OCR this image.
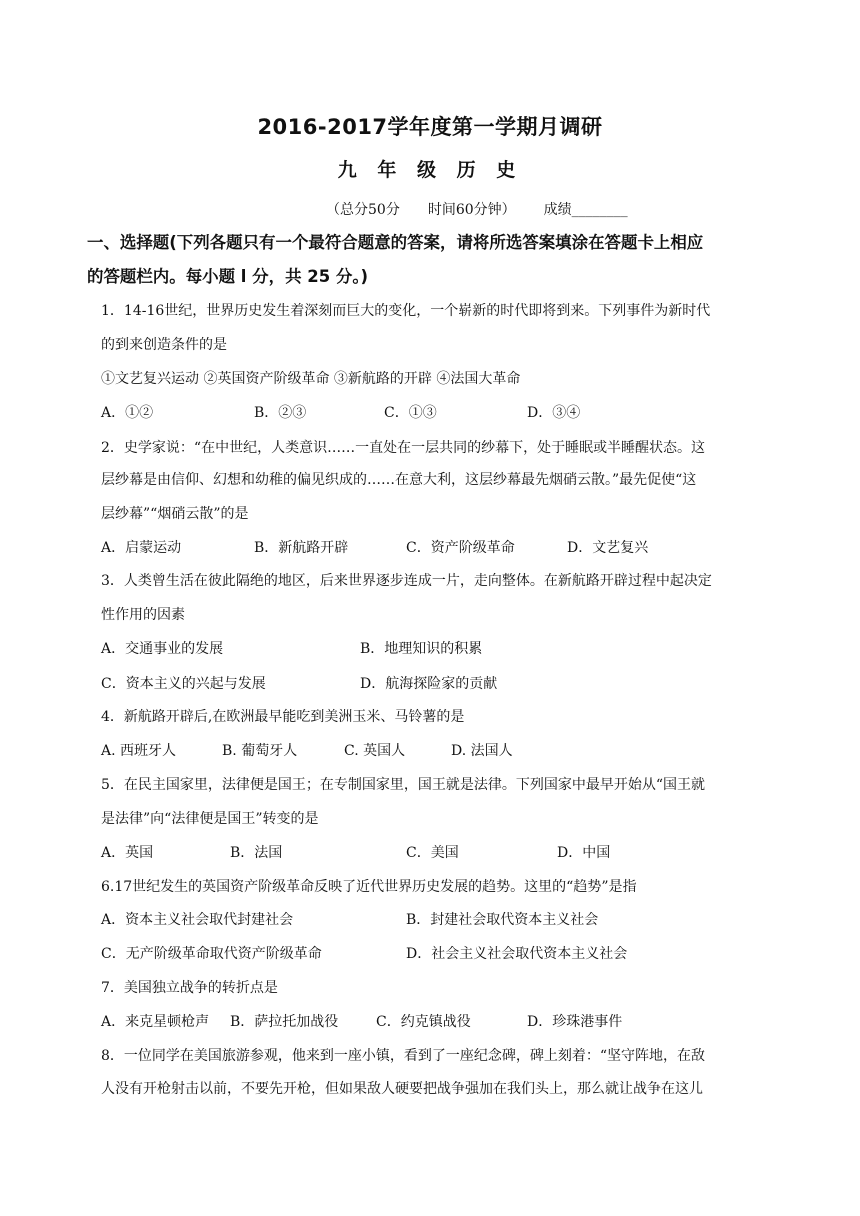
2016-2017学年度第一学期月调研
九 年 级 历 史
（总分50分 时间60分钟） 成绩________
一、选择题(下列各题只有一个最符合题意的答案，请将所选答案填涂在答题卡上相应
的答题栏内。每小题 l 分，共 25 分。)
1．14-16世纪，世界历史发生着深刻而巨大的变化，一个崭新的时代即将到来。下列事件为新时代
的到来创造条件的是
①文艺复兴运动 ②英国资产阶级革命 ③新航路的开辟 ④法国大革命
A．①②	B．②③	C．①③	D．③④
2．史学家说：“在中世纪，人类意识……一直处在一层共同的纱幕下，处于睡眠或半睡醒状态。这
层纱幕是由信仰、幻想和幼稚的偏见织成的……在意大利，这层纱幕最先烟硝云散。”最先促使“这
层纱幕”“烟硝云散”的是
A．启蒙运动	B．新航路开辟	C．资产阶级革命	D．文艺复兴
3．人类曾生活在彼此隔绝的地区，后来世界逐步连成一片，走向整体。在新航路开辟过程中起决定
性作用的因素
A．交通事业的发展	B．地理知识的积累
C．资本主义的兴起与发展	D．航海探险家的贡献
4．新航路开辟后,在欧洲最早能吃到美洲玉米、马铃薯的是
A. 西班牙人	B. 葡萄牙人	C. 英国人	D. 法国人
5．在民主国家里，法律便是国王；在专制国家里，国王就是法律。下列国家中最早开始从“国王就
是法律”向“法律便是国王”转变的是
A．英国	B．法国	C．美国	D．中国
6.17世纪发生的英国资产阶级革命反映了近代世界历史发展的趋势。这里的“趋势”是指
A．资本主义社会取代封建社会	B．封建社会取代资本主义社会
C．无产阶级革命取代资产阶级革命	D．社会主义社会取代资本主义社会
7．美国独立战争的转折点是
A．来克星顿枪声 B．萨拉托加战役	C．约克镇战役	D．珍珠港事件
8．一位同学在美国旅游参观，他来到一座小镇，看到了一座纪念碑，碑上刻着：“坚守阵地，在敌
人没有开枪射击以前，不要先开枪，但如果敌人硬要把战争强加在我们头上，那么就让战争在这儿
